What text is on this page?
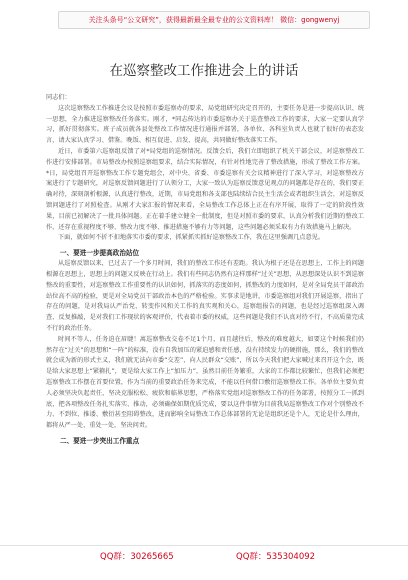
关注头条号“公文研究”，获得最新最全最专业的公文资料库！ 微信：gongwenyj
在巡察整改工作推进会上的讲话

同志们：

这次巡察整改工作推进会议是按照市委巡察办的要求，局党组研究决定召开的，主要任务是进一步提高认识、统一思想，全力推进巡察整改任务落实。刚才，*同志传达的市委巡察办关于巡查整改工作的要求，大家一定要认真学习，抓好贯彻落实。班子成员就各县处整改工作情况进行通报并部署，各单位、各科室负责人也就了很好的表态发言，请大家认真学习、借鉴。晚饭、相互促进、启发、提高，共同做好整改落实工作。

近日，市委第六巡察组反馈了对*局党组的巡察情况。反馈会后，我们立即组织了机关干部会议，对巡察整改工作进行安排部署。市局整改办按照巡察组要求，结合实际情况，有针对性地完善了整改措施，形成了整改工作方案。*日，局党组召开巡察整改工作专题党组会，对中央、省委、市委巡察有关会议精神进行了深入学习，对巡察整改方案进行了专题研究，对巡察反馈问题进行了认领分工，大家一致认为巡察反馈意见观点的问题都是存在的，我们要正确对待，深刻剖析根源，认真进行整改，近期，市局党组和各支部也陆续结合民主生活会或者组织生活会，对巡察反馈问题进行了对照检查。从刚才大家汇报的情况来看，全局整改工作总体上正在有序开展，取得了一定的阶段性效果，目前已初解决了一批具体问题。正在着手建立健全一批制度，但是对照市委的要求，认真分析我们近期的整改工作，还存在重视程度不够、整改力度不够、推进措施不够有力等问题，这些问题必须采取有力有效措施马上解决。

下面，就如何不折不扣地落实市委的要求，抓紧抓实抓好巡察整改工作，我在这里强调几点意见。

一、要进一步提高政治站位

从巡察反馈以来，已过去了一个多月时间，我们的整改工作还有差距。我认为根子还是在思想上，工作上的问题根源在思想上，思想上的问题又反映在行动上。我们有些同志仍然有这样那样“过关”思想，从思想深处认识不到巡察整改的重要性，对巡察整改工作重要性的认识如何，抓落实的态度如何，抓整改的力度如何，是对全局党员干部政治站位高不高的检验，更是对全局党员干部政治本色的严格检验。实事求是地讲，市委巡察组对我们开展巡察，指出了存在的问题，是对我局认严治党、转变作风和关工作的真实观和关心，巡察组报告的问题，也是经过巡察组深入调查、反复推敲，是对我们工作现状的客观评价，代表着市委的权威，这些问题是我们不认真对待不行，不高质量完成不行的政治任务。

时间不等人，任务迫在眉睫！离巡察整改交卷不足1个月，而且越往后，整改的难度越大，如要这个时候我们仍然存在“过关”的思想和“一阵”的标准，没有自我加压的紧迫感和责任感，没有持续发力的硬措施，那么，我们的整改就会成为新的形式主义，我们就无法向市委“交差”，向人民群众“交账”，所以今天我们把大家喊过来召开这个会，既是给大家思想上“紧箍扎”，更是给大家工作上“加压力”，虽然目前任务繁重，大家的工作都比较繁忙，但我们必须把巡察整改工作摆在首要位置，作为当前的重要政治任务来完成，不能以任何借口敷衍巡察整改工作。各单位主要负责人必须坚决负起责任，坚决克服松松、疲软和临界思想，严格落实党组对巡察整改工作的任务部署，按照分工一抓到底，把各项整改任务扎实落实、推动，必须确保如期优质完成，要以这件事情为目前我局巡察整改工作对个别整改不力、不到位、推诿、敷衍甚至阻碍整改，进而影响全局整改工作总体部署的无论是组织还是个人，无论是什么理由，都将从严一处、重处一处，坚决问责。

二、要进一步突出工作重点
QQ群：30265665	QQ群：535304092
